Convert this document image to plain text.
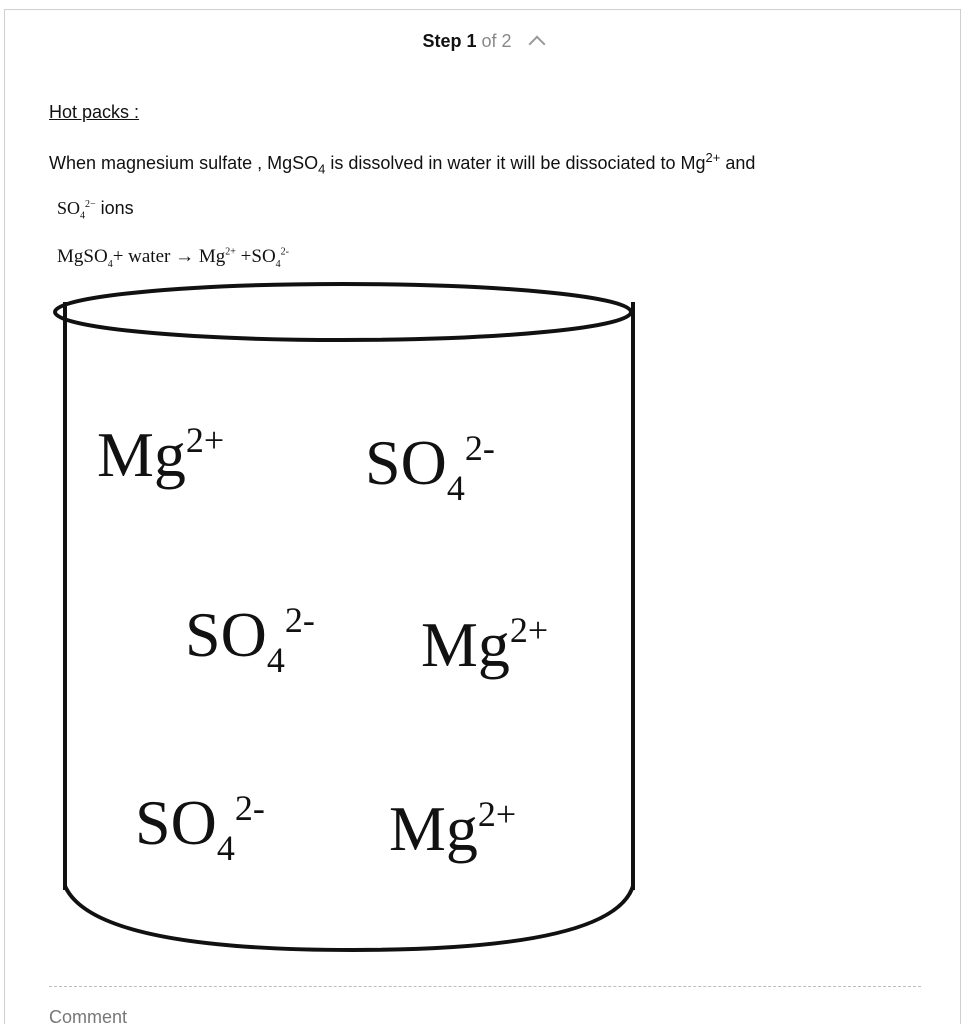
Step 1 of 2
Hot packs :
When magnesium sulfate , MgSO$_4$ is dissolved in water it will be dissociated to $Mg^{2+}$ and
$SO_4^{2-}$ ions
MgSO$_4$+ water → $Mg^{2+} +SO_4^{2-}$
$Mg^{2+}$ $SO_4^{2-}$
$SO_4^{2-}$ $Mg^{2+}$
$SO_4^{2-}$ $Mg^{2+}$
Comment
